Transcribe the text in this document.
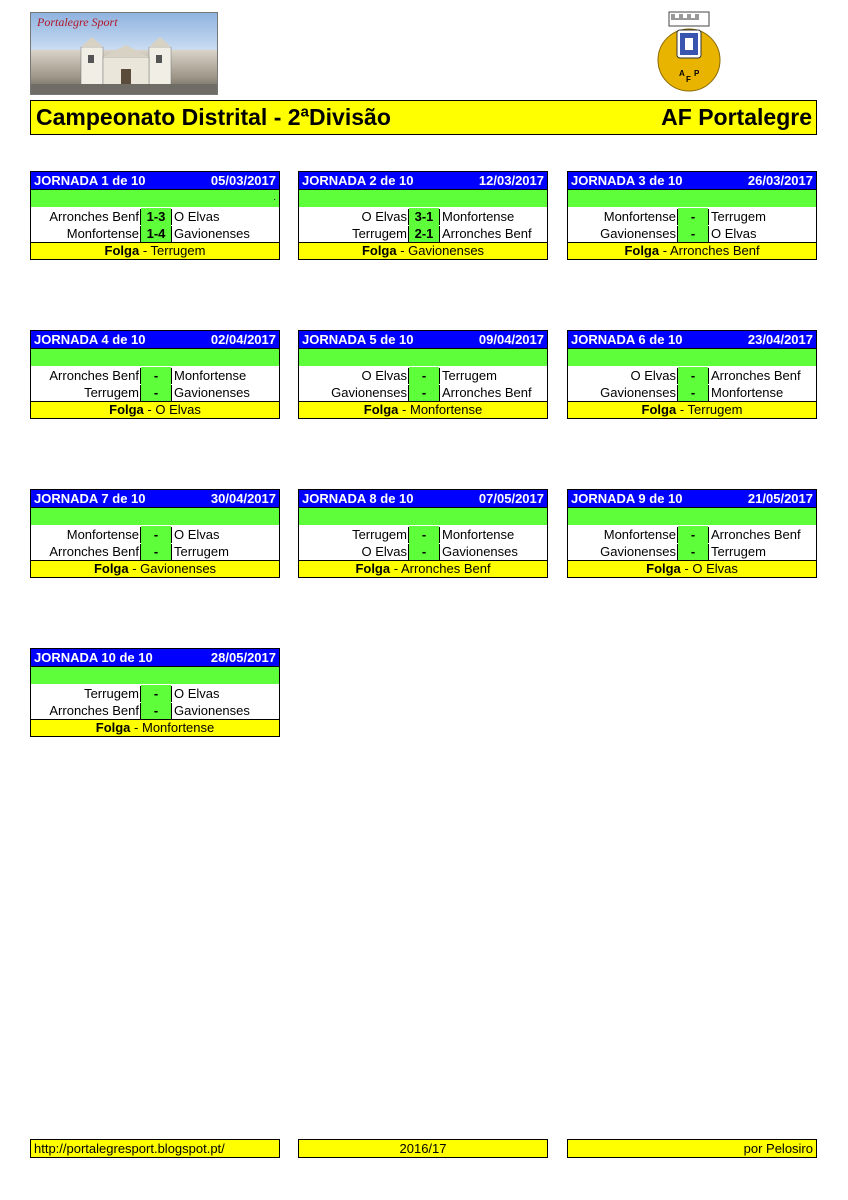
Portalegre Sport
A
F
P
Campeonato Distrital - 2ªDivisão	AF Portalegre
JORNADA 1 de 10	05/03/2017
.
Arronches Benf 1-3 O Elvas
Monfortense 1-4 Gavionenses
Folga - Terrugem
JORNADA 2 de 10	12/03/2017
O Elvas 3-1 Monfortense
Terrugem 2-1 Arronches Benf
Folga - Gavionenses
JORNADA 3 de 10	26/03/2017
Monfortense	-	Terrugem
Gavionenses	-	O Elvas
Folga - Arronches Benf
JORNADA 4 de 10	02/04/2017
Arronches Benf	-	Monfortense
Terrugem	-	Gavionenses
Folga - O Elvas
JORNADA 5 de 10	09/04/2017
O Elvas	-	Terrugem
Gavionenses	-	Arronches Benf
Folga - Monfortense
JORNADA 6 de 10	23/04/2017
O Elvas	-	Arronches Benf
Gavionenses	-	Monfortense
Folga - Terrugem
JORNADA 7 de 10	30/04/2017
Monfortense	-	O Elvas
Arronches Benf	-	Terrugem
Folga - Gavionenses
JORNADA 8 de 10	07/05/2017
Terrugem	-	Monfortense
O Elvas	-	Gavionenses
Folga - Arronches Benf
JORNADA 9 de 10	21/05/2017
Monfortense	-	Arronches Benf
Gavionenses	-	Terrugem
Folga - O Elvas
JORNADA 10 de 10	28/05/2017
Terrugem	-	O Elvas
Arronches Benf	-	Gavionenses
Folga - Monfortense
http://portalegresport.blogspot.pt/	2016/17	por Pelosiro
